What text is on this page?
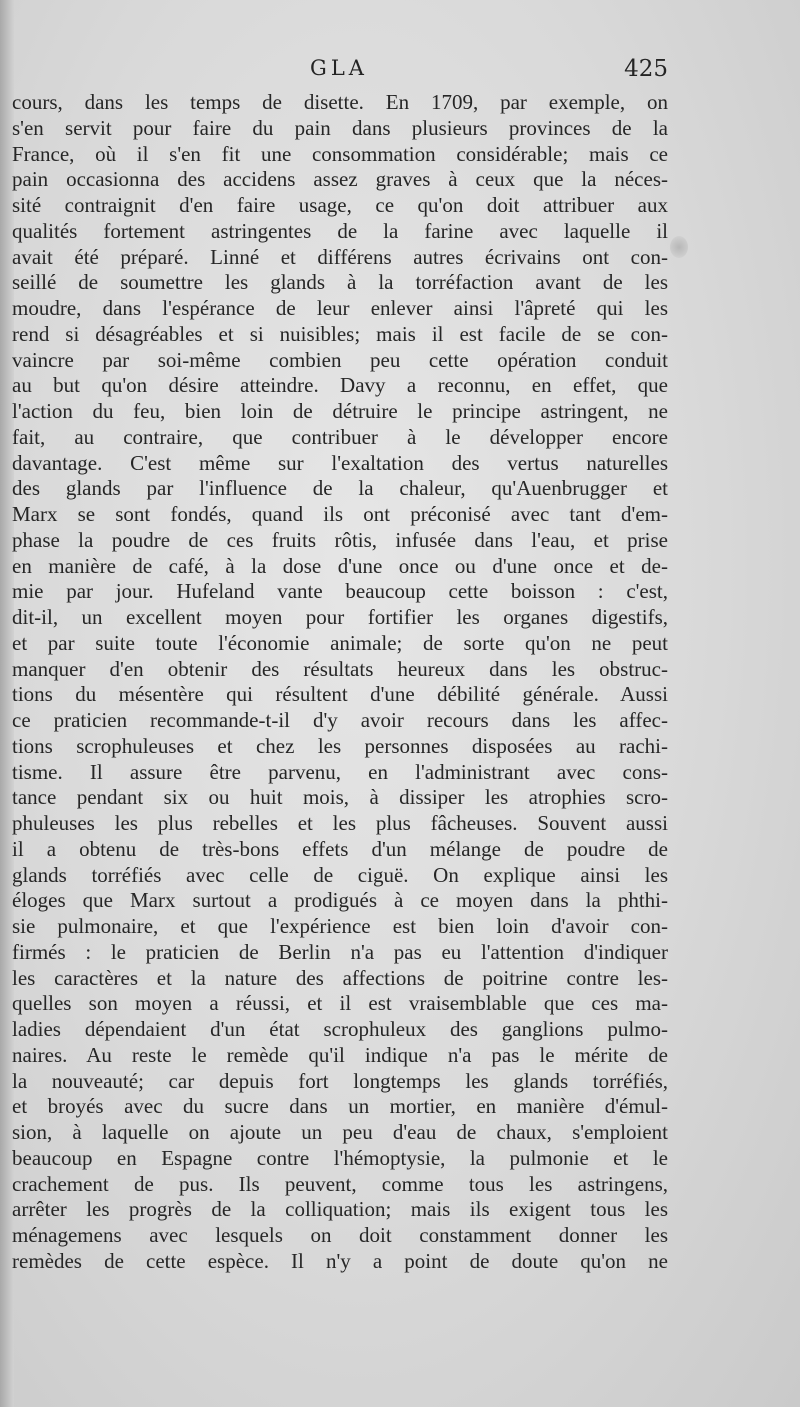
GLA	425
cours, dans les temps de disette. En 1709, par exemple, on
s'en servit pour faire du pain dans plusieurs provinces de la
France, où il s'en fit une consommation considérable; mais ce
pain occasionna des accidens assez graves à ceux que la néces-
sité contraignit d'en faire usage, ce qu'on doit attribuer aux
qualités fortement astringentes de la farine avec laquelle il
avait été préparé. Linné et différens autres écrivains ont con-
seillé de soumettre les glands à la torréfaction avant de les
moudre, dans l'espérance de leur enlever ainsi l'âpreté qui les
rend si désagréables et si nuisibles; mais il est facile de se con-
vaincre par soi-même combien peu cette opération conduit
au but qu'on désire atteindre. Davy a reconnu, en effet, que
l'action du feu, bien loin de détruire le principe astringent, ne
fait, au contraire, que contribuer à le développer encore
davantage. C'est même sur l'exaltation des vertus naturelles
des glands par l'influence de la chaleur, qu'Auenbrugger et
Marx se sont fondés, quand ils ont préconisé avec tant d'em-
phase la poudre de ces fruits rôtis, infusée dans l'eau, et prise
en manière de café, à la dose d'une once ou d'une once et de-
mie par jour. Hufeland vante beaucoup cette boisson : c'est,
dit-il, un excellent moyen pour fortifier les organes digestifs,
et par suite toute l'économie animale; de sorte qu'on ne peut
manquer d'en obtenir des résultats heureux dans les obstruc-
tions du mésentère qui résultent d'une débilité générale. Aussi
ce praticien recommande-t-il d'y avoir recours dans les affec-
tions scrophuleuses et chez les personnes disposées au rachi-
tisme. Il assure être parvenu, en l'administrant avec cons-
tance pendant six ou huit mois, à dissiper les atrophies scro-
phuleuses les plus rebelles et les plus fâcheuses. Souvent aussi
il a obtenu de très-bons effets d'un mélange de poudre de
glands torréfiés avec celle de ciguë. On explique ainsi les
éloges que Marx surtout a prodigués à ce moyen dans la phthi-
sie pulmonaire, et que l'expérience est bien loin d'avoir con-
firmés : le praticien de Berlin n'a pas eu l'attention d'indiquer
les caractères et la nature des affections de poitrine contre les-
quelles son moyen a réussi, et il est vraisemblable que ces ma-
ladies dépendaient d'un état scrophuleux des ganglions pulmo-
naires. Au reste le remède qu'il indique n'a pas le mérite de
la nouveauté; car depuis fort longtemps les glands torréfiés,
et broyés avec du sucre dans un mortier, en manière d'émul-
sion, à laquelle on ajoute un peu d'eau de chaux, s'emploient
beaucoup en Espagne contre l'hémoptysie, la pulmonie et le
crachement de pus. Ils peuvent, comme tous les astringens,
arrêter les progrès de la colliquation; mais ils exigent tous les
ménagemens avec lesquels on doit constamment donner les
remèdes de cette espèce. Il n'y a point de doute qu'on ne
